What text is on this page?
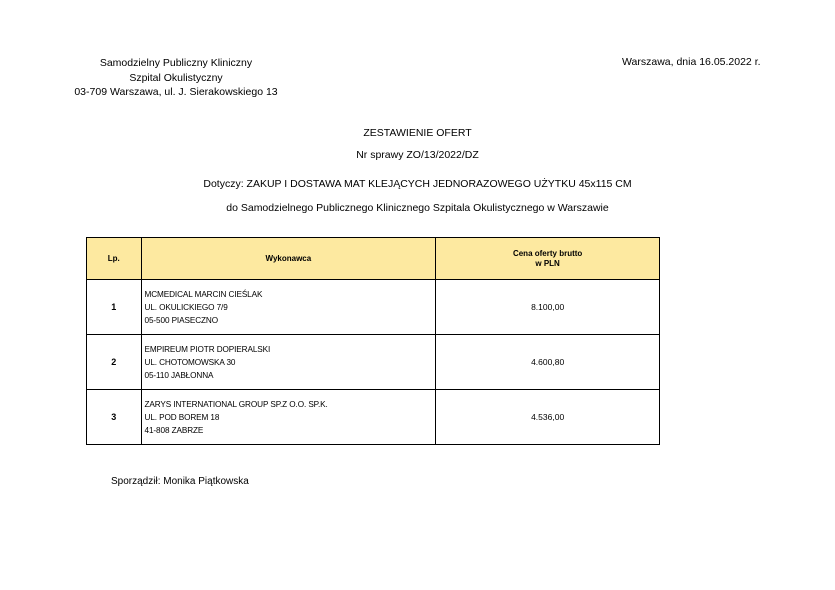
Samodzielny Publiczny Kliniczny
Szpital Okulistyczny
03-709 Warszawa, ul. J. Sierakowskiego 13
Warszawa, dnia 16.05.2022 r.
ZESTAWIENIE OFERT
Nr sprawy ZO/13/2022/DZ
Dotyczy: ZAKUP I DOSTAWA MAT KLEJĄCYCH JEDNORAZOWEGO UŻYTKU 45x115 CM
do Samodzielnego Publicznego Klinicznego Szpitala Okulistycznego w Warszawie
Lp.	Wykonawca	Cena oferty brutto
w PLN

1	MCMEDICAL MARCIN CIEŚLAK
UL. OKULICKIEGO 7/9
05-500 PIASECZNO	8.100,00
2	EMPIREUM PIOTR DOPIERALSKI
UL. CHOTOMOWSKA 30
05-110 JABŁONNA	4.600,80
3	ZARYS INTERNATIONAL GROUP SP.Z O.O. SP.K.
UL. POD BOREM 18
41-808 ZABRZE	4.536,00
Sporządził: Monika Piątkowska
